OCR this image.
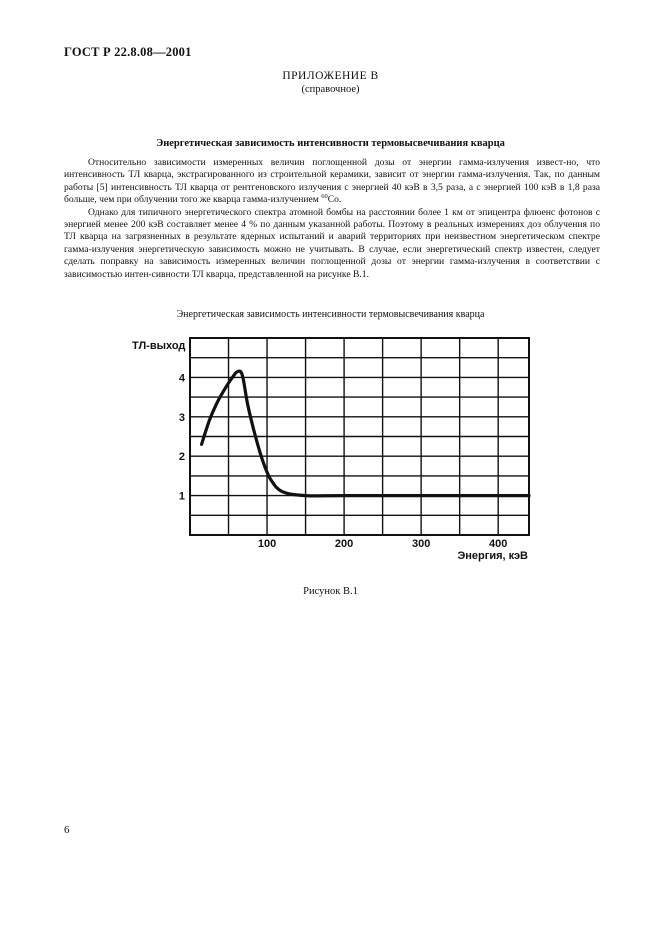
ГОСТ Р 22.8.08—2001
ПРИЛОЖЕНИЕ В
(справочное)
Энергетическая зависимость интенсивности термовысвечивания кварца

Относительно зависимости измеренных величин поглощенной дозы от энергии гамма-излучения извест-но, что интенсивность ТЛ кварца, экстрагированного из строительной керамики, зависит от энергии гамма-излучения. Так, по данным работы [5] интенсивность ТЛ кварца от рентгеновского излучения с энергией 40 кэВ в 3,5 раза, а с энергией 100 кэВ в 1,8 раза больше, чем при облучении того же кварца гамма-излучением $^{60}$Co.

Однако для типичного энергетического спектра атомной бомбы на расстоянии более 1 км от эпицентра флюенс фотонов с энергией менее 200 кэВ составляет менее 4 % по данным указанной работы. Поэтому в реальных измерениях доз облучения по ТЛ кварца на загрязненных в результате ядерных испытаний и аварий территориях при неизвестном энергетическом спектре гамма-излучения энергетическую зависимость можно не учитывать. В случае, если энергетический спектр известен, следует сделать поправку на зависимость измеренных величин поглощенной дозы от энергии гамма-излучения в соответствии с зависимостью интен-сивности ТЛ кварца, представленной на рисунке В.1.

Энергетическая зависимость интенсивности термовысвечивания кварца
1
2
3
4
100	200	300	400
ТЛ-выход
Энергия, кэВ
Рисунок В.1
6
